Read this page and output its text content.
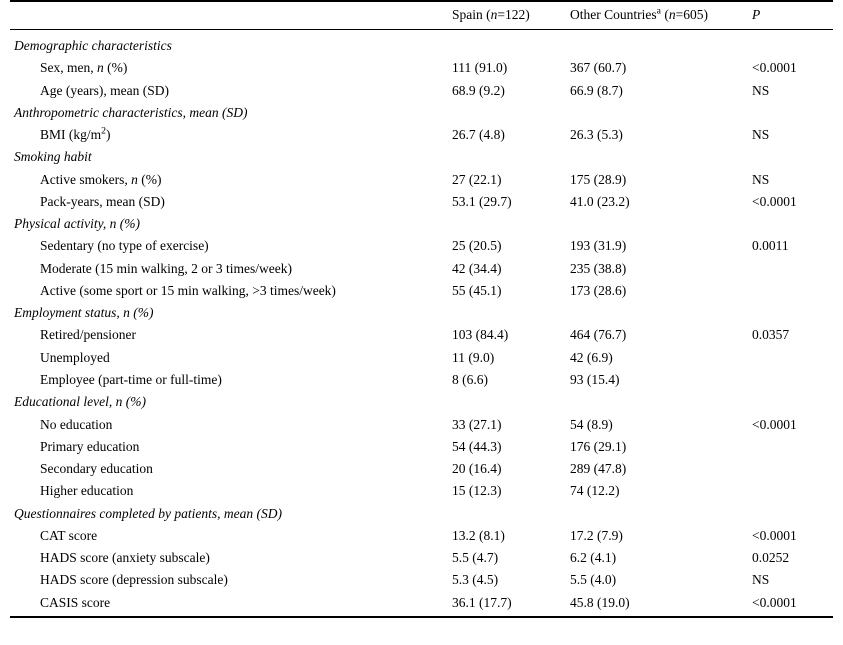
	Spain (n=122)	Other Countries$^a$ (n=605)	P
Demographic characteristics			
Sex, men, n (%)	111 (91.0)	367 (60.7)	<0.0001
Age (years), mean (SD)	68.9 (9.2)	66.9 (8.7)	NS
Anthropometric characteristics, mean (SD)			
BMI $(kg/m^2)$	26.7 (4.8)	26.3 (5.3)	NS
Smoking habit			
Active smokers, n (%)	27 (22.1)	175 (28.9)	NS
Pack-years, mean (SD)	53.1 (29.7)	41.0 (23.2)	<0.0001
Physical activity, n (%)			
Sedentary (no type of exercise)	25 (20.5)	193 (31.9)	0.0011
Moderate (15 min walking, 2 or 3 times/week)	42 (34.4)	235 (38.8)	
Active (some sport or 15 min walking, >3 times/week)	55 (45.1)	173 (28.6)	
Employment status, n (%)			
Retired/pensioner	103 (84.4)	464 (76.7)	0.0357
Unemployed	11 (9.0)	42 (6.9)	
Employee (part-time or full-time)	8 (6.6)	93 (15.4)	
Educational level, n (%)			
No education	33 (27.1)	54 (8.9)	<0.0001
Primary education	54 (44.3)	176 (29.1)	
Secondary education	20 (16.4)	289 (47.8)	
Higher education	15 (12.3)	74 (12.2)	
Questionnaires completed by patients, mean (SD)			
CAT score	13.2 (8.1)	17.2 (7.9)	<0.0001
HADS score (anxiety subscale)	5.5 (4.7)	6.2 (4.1)	0.0252
HADS score (depression subscale)	5.3 (4.5)	5.5 (4.0)	NS
CASIS score	36.1 (17.7)	45.8 (19.0)	<0.0001
